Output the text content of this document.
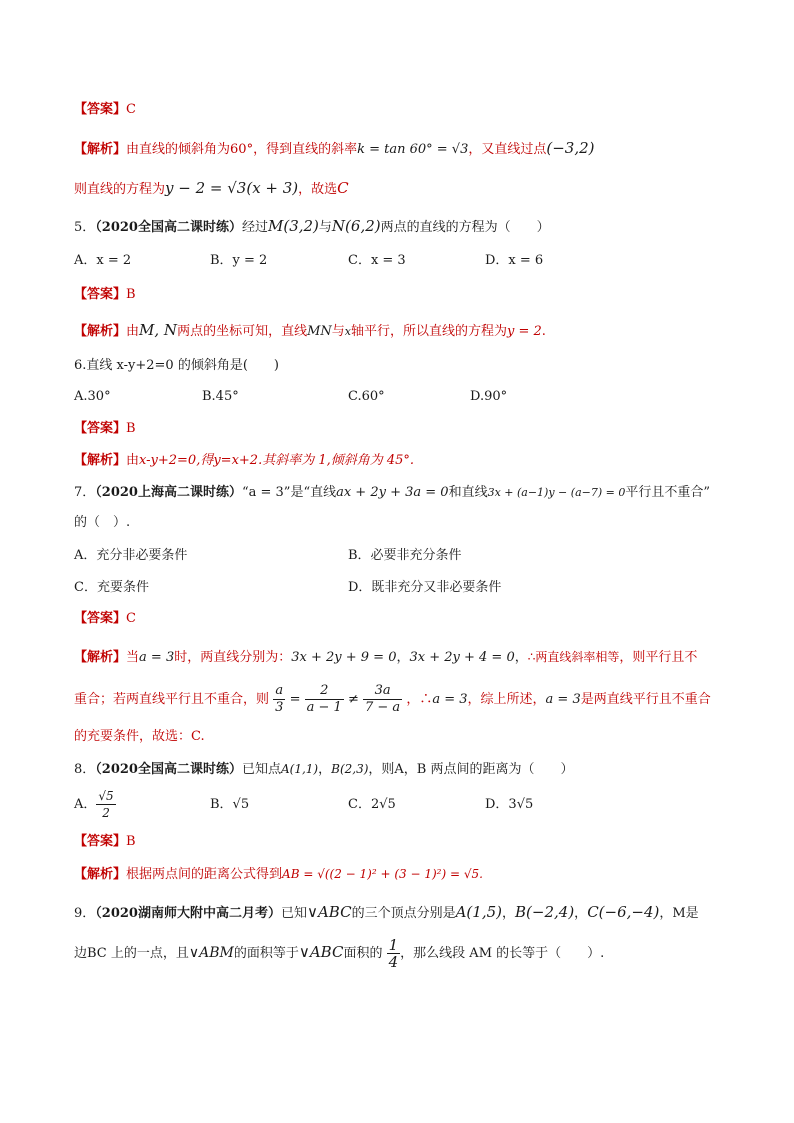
【答案】C
【解析】由直线的倾斜角为60°，得到直线的斜率k = tan 60° = √3，又直线过点(−3,2)
则直线的方程为y − 2 = √3(x + 3)，故选C
5．（2020全国高二课时练）经过M(3,2)与N(6,2)两点的直线的方程为（　　）
A．x = 2	B．y = 2	C．x = 3	D．x = 6
【答案】B
【解析】由M, N两点的坐标可知，直线MN与x轴平行，所以直线的方程为y = 2.
6.直线 x-y+2=0 的倾斜角是(　　)
A.30°	B.45°	C.60°	D.90°
【答案】B
【解析】由x-y+2=0,得y=x+2.其斜率为 1,倾斜角为 45°.
7．（2020上海高二课时练）“a = 3”是“直线ax + 2y + 3a = 0和直线3x + (a−1)y − (a−7) = 0平行且不重合”
的（　）.
A．充分非必要条件	B．必要非充分条件
C．充要条件	D．既非充分又非必要条件
【答案】C
【解析】当a = 3时，两直线分别为：3x + 2y + 9 = 0，3x + 2y + 4 = 0，∴两直线斜率相等，则平行且不
重合；若两直线平行且不重合，则 $\frac{a}{3} = \frac{2}{a - 1} \ne \frac{3a}{7 - a}$ ，∴a = 3，综上所述，a = 3是两直线平行且不重合
的充要条件，故选：C.
8．（2020全国高二课时练）已知点A(1,1)，B(2,3)，则A，B 两点间的距离为（　　）
A． $\frac{√5}{2}$	B．√5	C．2√5	D．3√5
【答案】B
【解析】根据两点间的距离公式得到AB = √((2 − 1)² + (3 − 1)²) = √5.
9．（2020湖南师大附中高二月考）已知∨ABC的三个顶点分别是A(1,5)，B(−2,4)，C(−6,−4)，M是
边BC 上的一点，且∨ABM的面积等于∨ABC面积的 $\frac{1}{4}$ ，那么线段 AM 的长等于（　　）.
